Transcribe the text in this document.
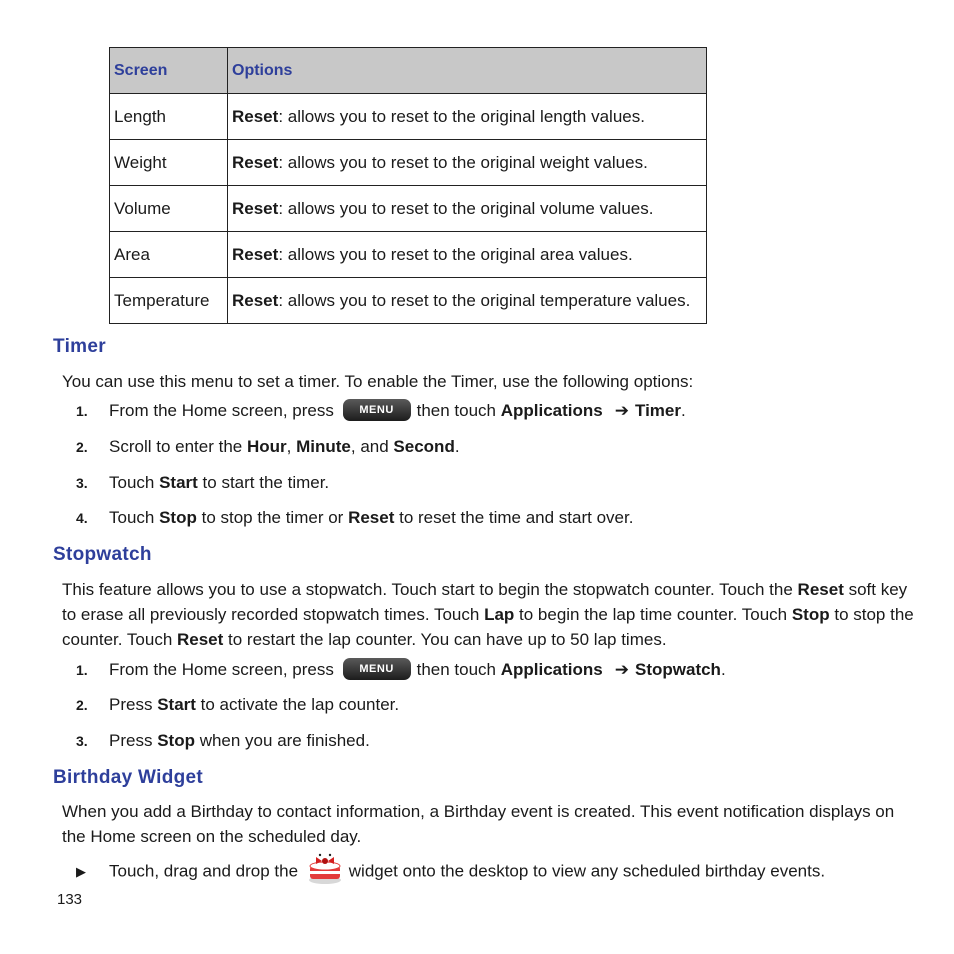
Screen	Options
Length	Reset: allows you to reset to the original length values.
Weight	Reset: allows you to reset to the original weight values.
Volume	Reset: allows you to reset to the original volume values.
Area	Reset: allows you to reset to the original area values.
Temperature	Reset: allows you to reset to the original temperature values.
Timer

You can use this menu to set a timer. To enable the Timer, use the following options:

1. From the Home screen, press MENU then touch Applications ➔ Timer.

2. Scroll to enter the Hour, Minute, and Second.

3. Touch Start to start the timer.

4. Touch Stop to stop the timer or Reset to reset the time and start over.

Stopwatch

This feature allows you to use a stopwatch. Touch start to begin the stopwatch counter. Touch the Reset soft key to erase all previously recorded stopwatch times. Touch Lap to begin the lap time counter. Touch Stop to stop the counter. Touch Reset to restart the lap counter. You can have up to 50 lap times.

1. From the Home screen, press MENU then touch Applications ➔ Stopwatch.

2. Press Start to activate the lap counter.

3. Press Stop when you are finished.

Birthday Widget

When you add a Birthday to contact information, a Birthday event is created. This event notification displays on the Home screen on the scheduled day.

▶ Touch, drag and drop the	widget onto the desktop to view any scheduled birthday events.

133
